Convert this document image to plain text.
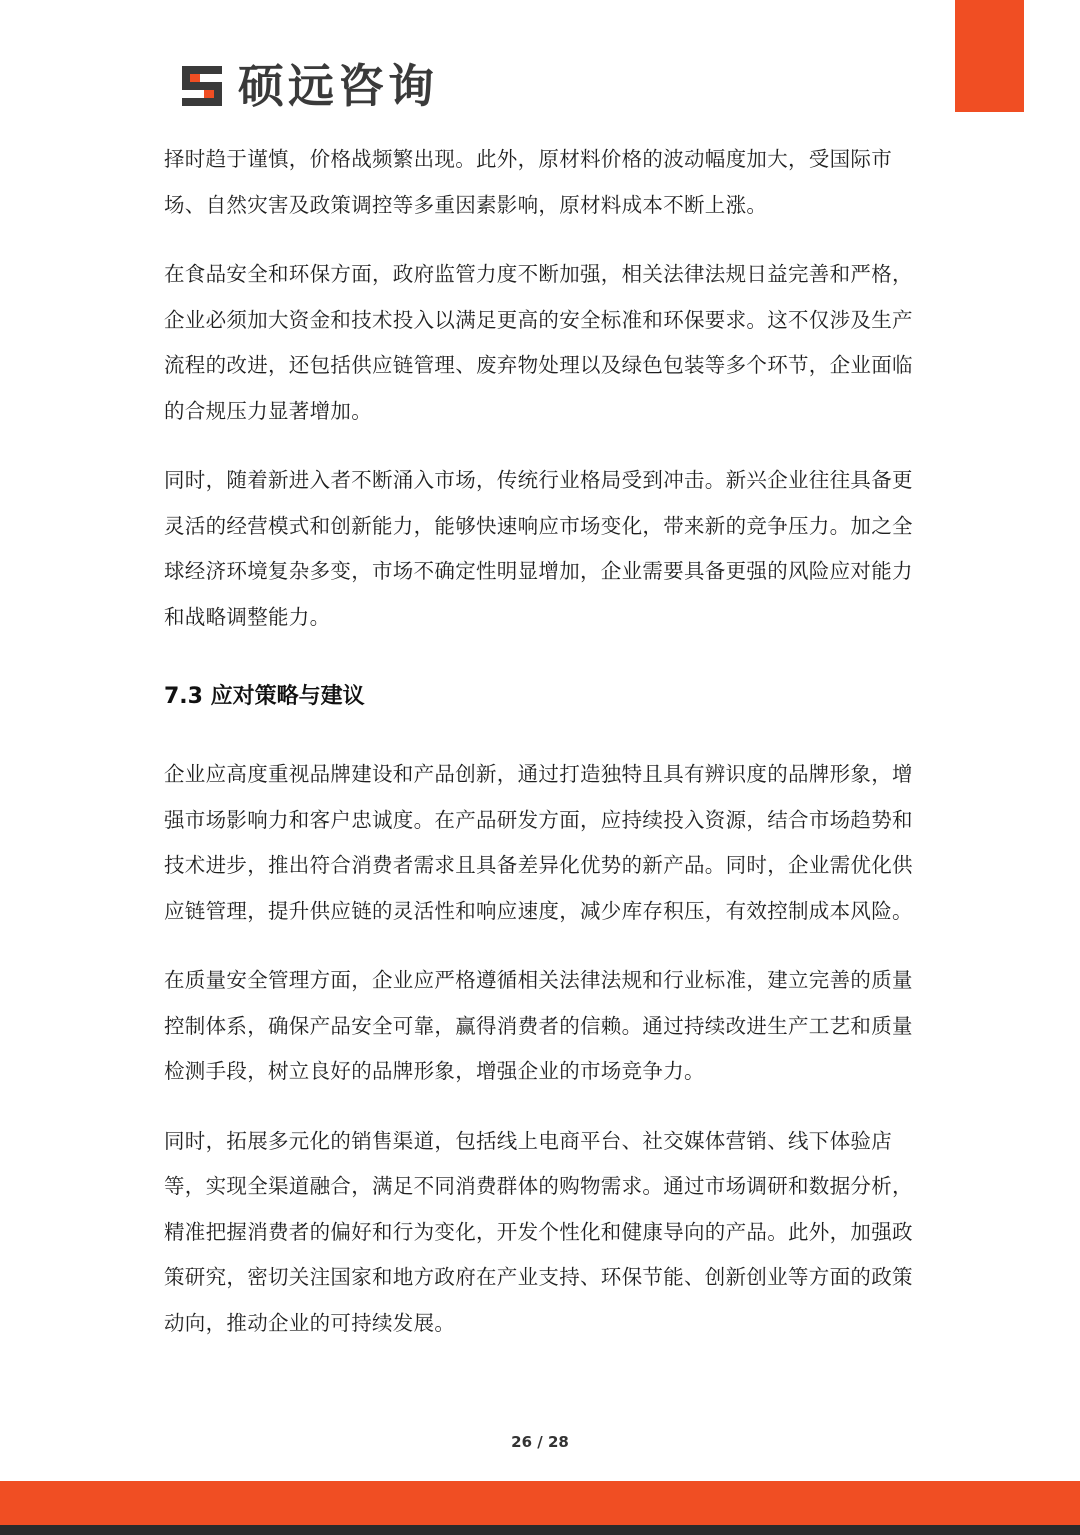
硕远咨询

择时趋于谨慎，价格战频繁出现。此外，原材料价格的波动幅度加大，受国际市场、自然灾害及政策调控等多重因素影响，原材料成本不断上涨。

在食品安全和环保方面，政府监管力度不断加强，相关法律法规日益完善和严格，企业必须加大资金和技术投入以满足更高的安全标准和环保要求。这不仅涉及生产流程的改进，还包括供应链管理、废弃物处理以及绿色包装等多个环节，企业面临的合规压力显著增加。

同时，随着新进入者不断涌入市场，传统行业格局受到冲击。新兴企业往往具备更灵活的经营模式和创新能力，能够快速响应市场变化，带来新的竞争压力。加之全球经济环境复杂多变，市场不确定性明显增加，企业需要具备更强的风险应对能力和战略调整能力。

7.3 应对策略与建议

企业应高度重视品牌建设和产品创新，通过打造独特且具有辨识度的品牌形象，增强市场影响力和客户忠诚度。在产品研发方面，应持续投入资源，结合市场趋势和技术进步，推出符合消费者需求且具备差异化优势的新产品。同时，企业需优化供应链管理，提升供应链的灵活性和响应速度，减少库存积压，有效控制成本风险。

在质量安全管理方面，企业应严格遵循相关法律法规和行业标准，建立完善的质量控制体系，确保产品安全可靠，赢得消费者的信赖。通过持续改进生产工艺和质量检测手段，树立良好的品牌形象，增强企业的市场竞争力。

同时，拓展多元化的销售渠道，包括线上电商平台、社交媒体营销、线下体验店等，实现全渠道融合，满足不同消费群体的购物需求。通过市场调研和数据分析，精准把握消费者的偏好和行为变化，开发个性化和健康导向的产品。此外，加强政策研究，密切关注国家和地方政府在产业支持、环保节能、创新创业等方面的政策动向，推动企业的可持续发展。

26 / 28
